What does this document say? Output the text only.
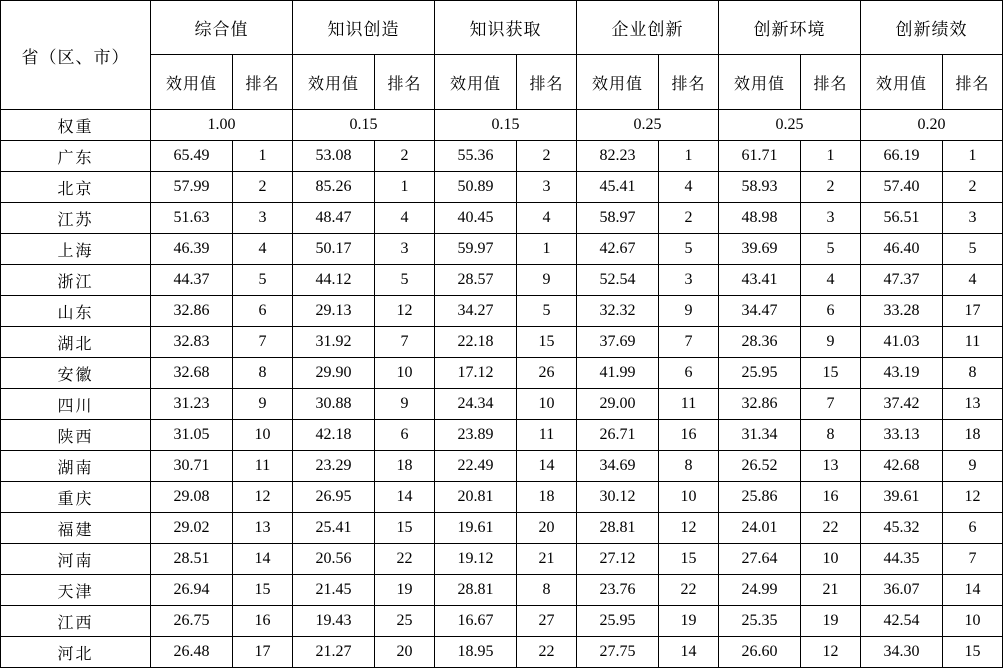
省（区、市）	综合值		知识创造		知识获取		企业创新		创新环境		创新绩效	
	效用值	排名	效用值	排名	效用值	排名	效用值	排名	效用值	排名	效用值	排名
权重	1.00		0.15		0.15		0.25		0.25		0.20	
广东	65.49	1	53.08	2	55.36	2	82.23	1	61.71	1	66.19	1
北京	57.99	2	85.26	1	50.89	3	45.41	4	58.93	2	57.40	2
江苏	51.63	3	48.47	4	40.45	4	58.97	2	48.98	3	56.51	3
上海	46.39	4	50.17	3	59.97	1	42.67	5	39.69	5	46.40	5
浙江	44.37	5	44.12	5	28.57	9	52.54	3	43.41	4	47.37	4
山东	32.86	6	29.13	12	34.27	5	32.32	9	34.47	6	33.28	17
湖北	32.83	7	31.92	7	22.18	15	37.69	7	28.36	9	41.03	11
安徽	32.68	8	29.90	10	17.12	26	41.99	6	25.95	15	43.19	8
四川	31.23	9	30.88	9	24.34	10	29.00	11	32.86	7	37.42	13
陕西	31.05	10	42.18	6	23.89	11	26.71	16	31.34	8	33.13	18
湖南	30.71	11	23.29	18	22.49	14	34.69	8	26.52	13	42.68	9
重庆	29.08	12	26.95	14	20.81	18	30.12	10	25.86	16	39.61	12
福建	29.02	13	25.41	15	19.61	20	28.81	12	24.01	22	45.32	6
河南	28.51	14	20.56	22	19.12	21	27.12	15	27.64	10	44.35	7
天津	26.94	15	21.45	19	28.81	8	23.76	22	24.99	21	36.07	14
江西	26.75	16	19.43	25	16.67	27	25.95	19	25.35	19	42.54	10
河北	26.48	17	21.27	20	18.95	22	27.75	14	26.60	12	34.30	15
